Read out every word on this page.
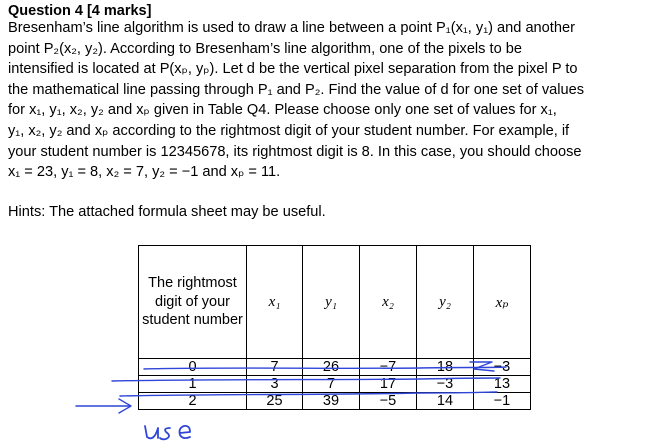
Question 4 [4 marks]
Bresenham’s line algorithm is used to draw a line between a point P₁(x₁, y₁) and another
point P₂(x₂, y₂). According to Bresenham’s line algorithm, one of the pixels to be
intensified is located at P(xₚ, yₚ). Let d be the vertical pixel separation from the pixel P to
the mathematical line passing through P₁ and P₂. Find the value of d for one set of values
for x₁, y₁, x₂, y₂ and xₚ given in Table Q4. Please choose only one set of values for x₁,
y₁, x₂, y₂ and xₚ according to the rightmost digit of your student number. For example, if
your student number is 12345678, its rightmost digit is 8. In this case, you should choose
x₁ = 23, y₁ = 8, x₂ = 7, y₂ = −1 and xₚ = 11.
Hints: The attached formula sheet may be useful.
The rightmost digit of your student number	x₁	y₁	x₂	y₂	xₚ
0	7	26	−7	18	−3
1	3	7	17	−3	13
2	25	39	−5	14	−1
